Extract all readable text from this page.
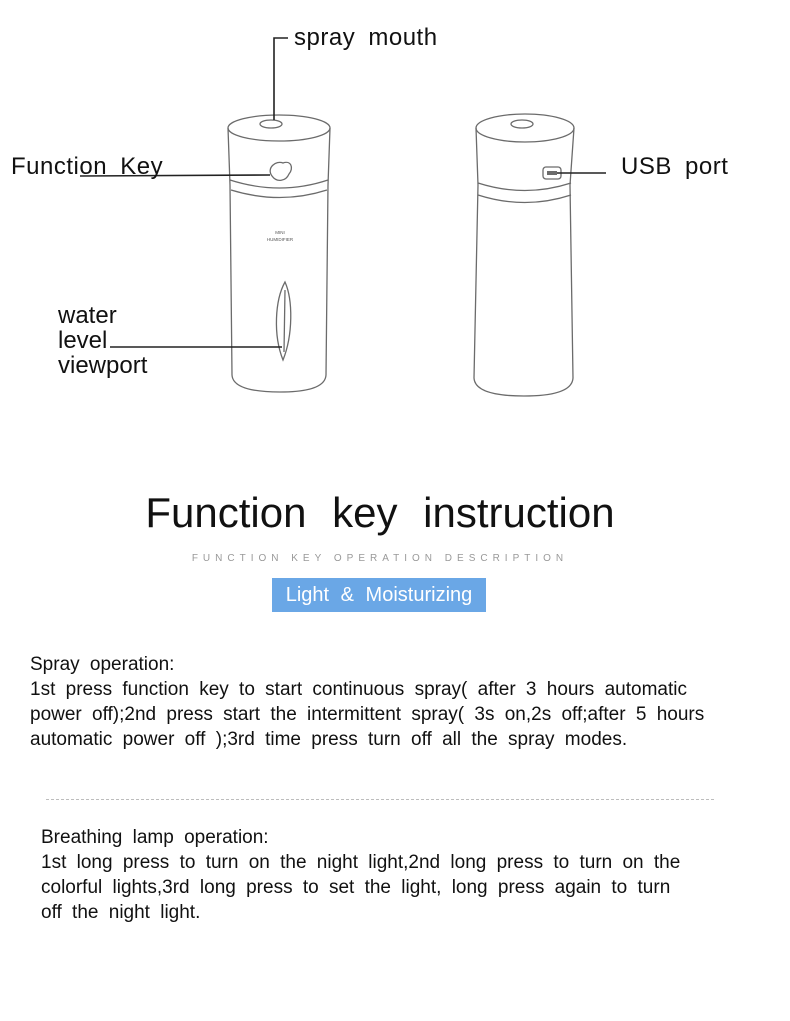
MINI
HUMIDIFIER
spray mouth
Function Key	USB port
water
level
viewport
Function key instruction
FUNCTION KEY OPERATION DESCRIPTION
Light & Moisturizing
Spray operation:
1st press function key to start continuous spray( after 3 hours automatic
power off);2nd press start the intermittent spray( 3s on,2s off;after 5 hours
automatic power off );3rd time press turn off all the spray modes.
Breathing lamp operation:
1st long press to turn on the night light,2nd long press to turn on the
colorful lights,3rd long press to set the light, long press again to turn
off the night light.
